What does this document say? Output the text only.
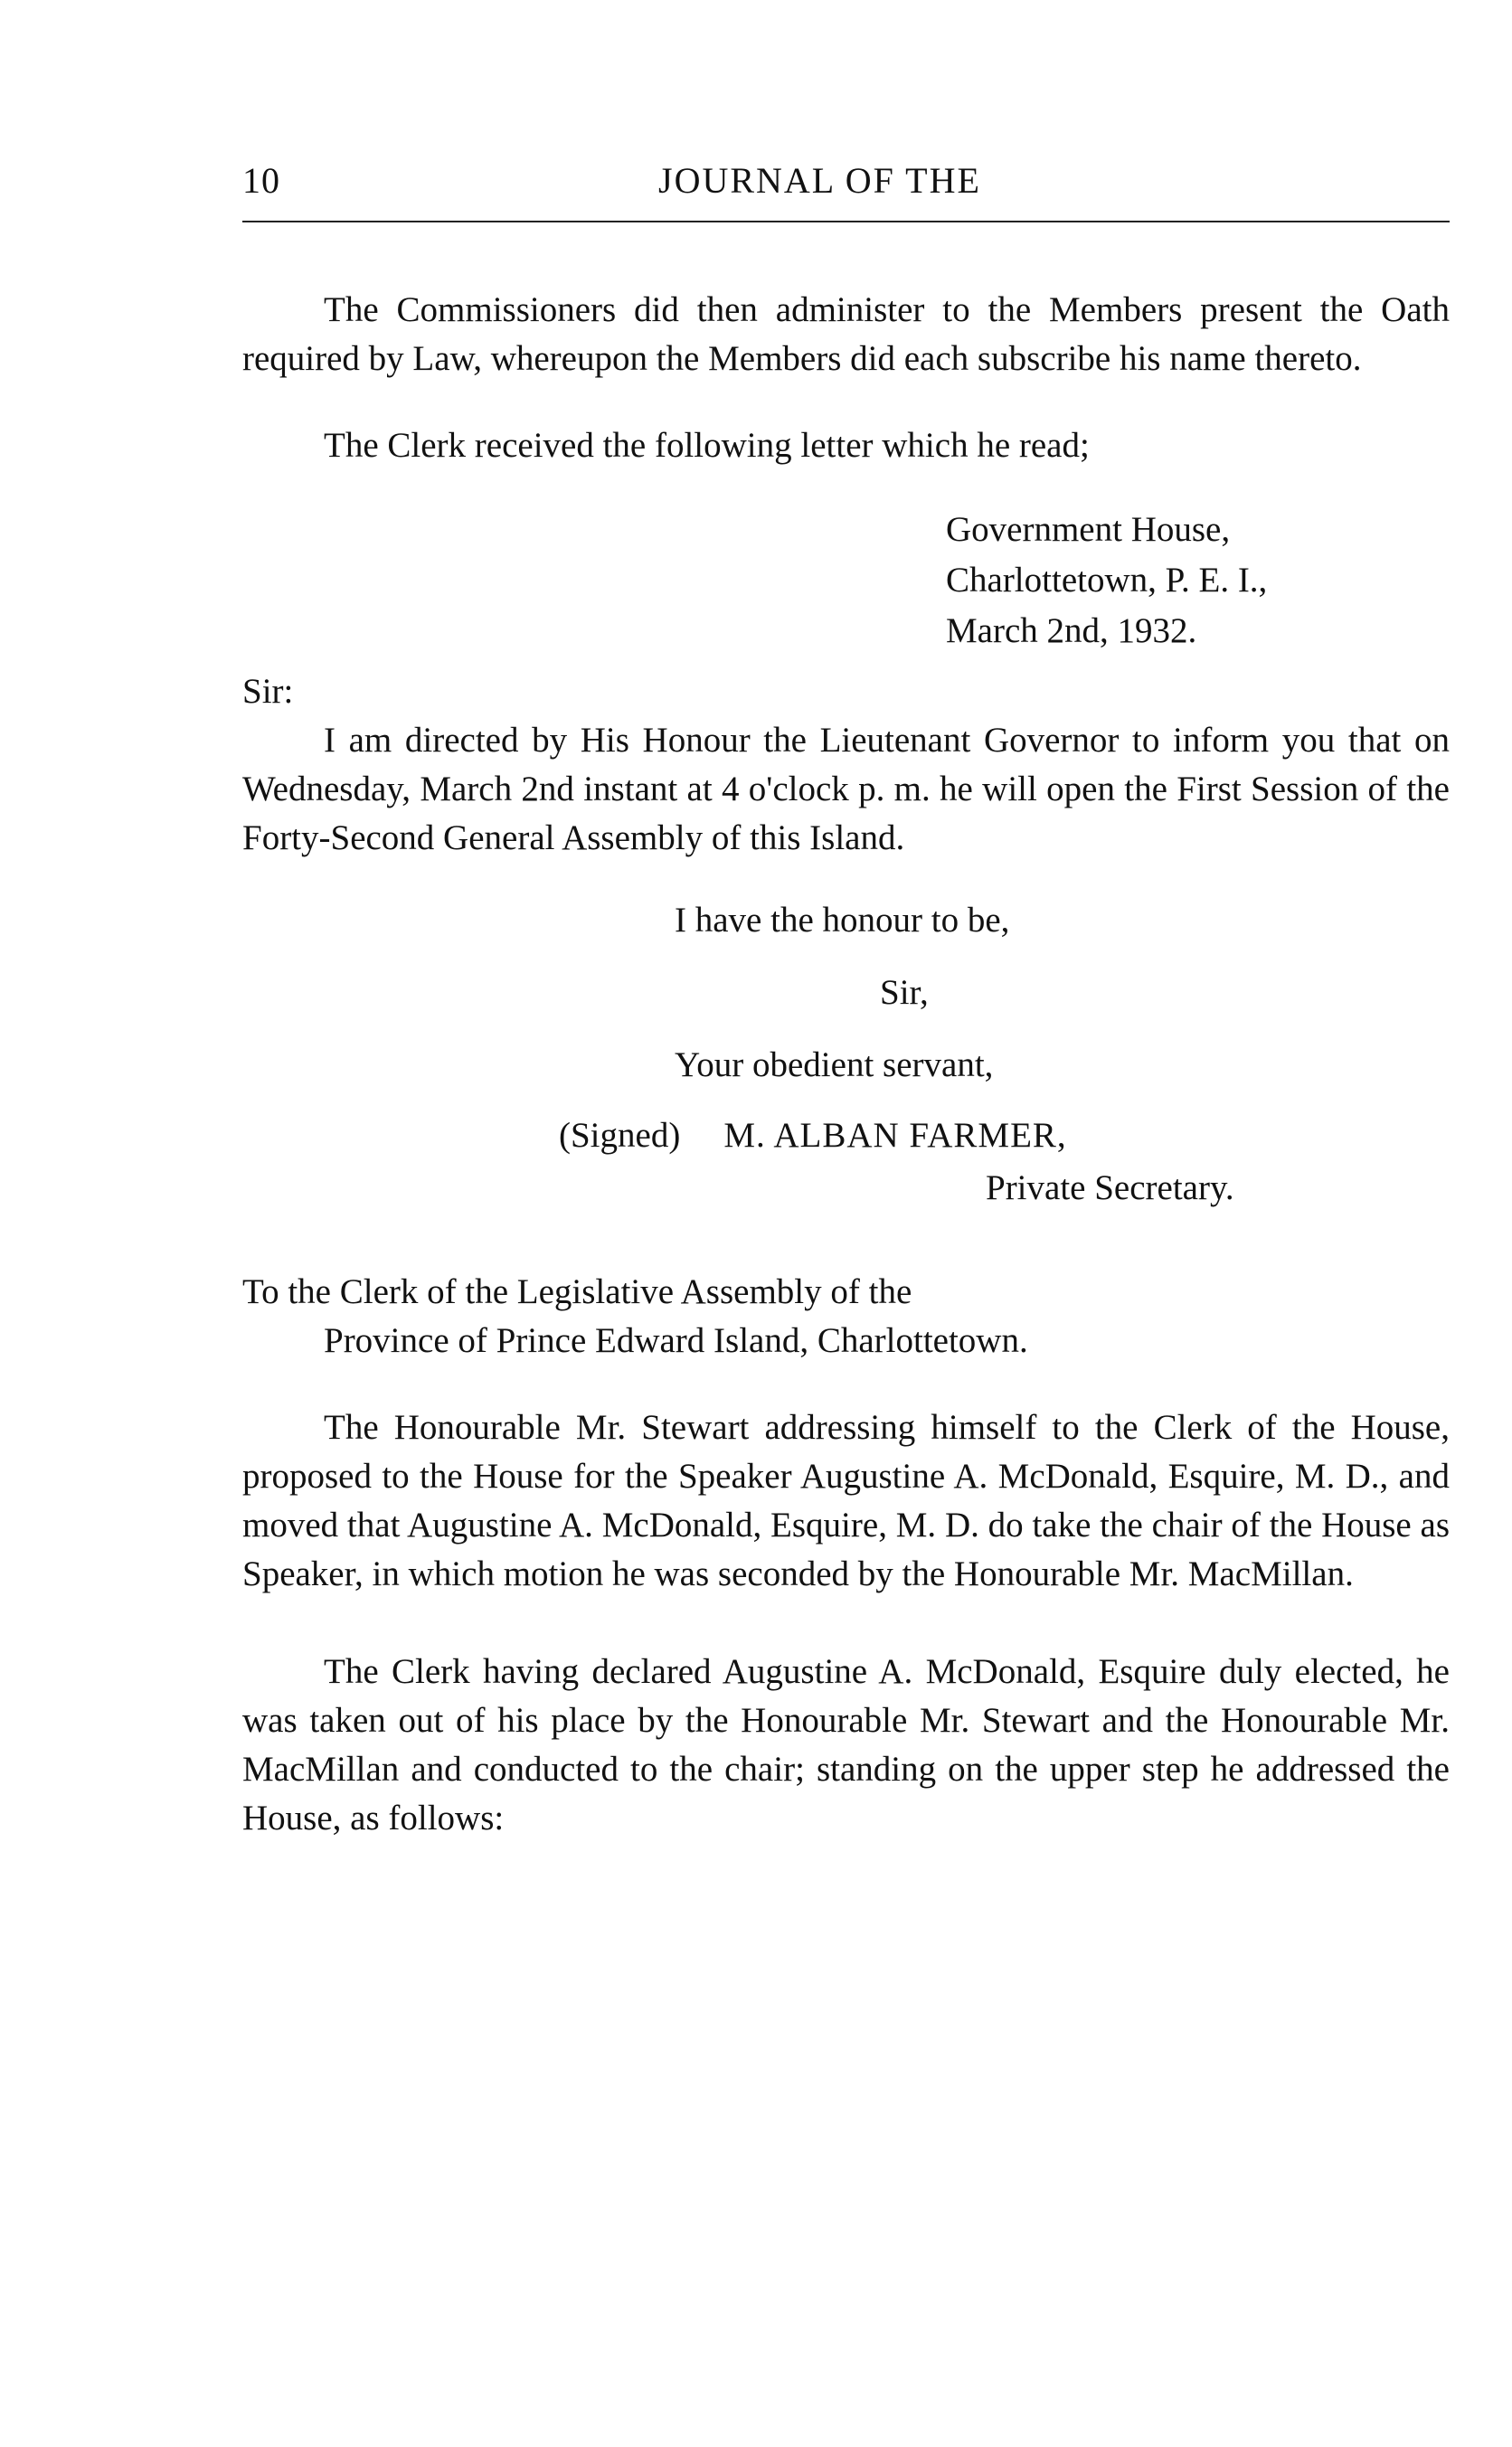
10	JOURNAL OF THE

The Commissioners did then administer to the Members present the Oath required by Law, whereupon the Members did each subscribe his name thereto.

The Clerk received the following letter which he read;

Government House,
Charlottetown, P. E. I.,
March 2nd, 1932.

Sir:

I am directed by His Honour the Lieutenant Governor to inform you that on Wednesday, March 2nd instant at 4 o'clock p. m. he will open the First Session of the Forty-Second General Assembly of this Island.

I have the honour to be,
Sir,
Your obedient servant,
(Signed) M. ALBAN FARMER,
Private Secretary.
To the Clerk of the Legislative Assembly of the
Province of Prince Edward Island, Charlottetown.

The Honourable Mr. Stewart addressing himself to the Clerk of the House, proposed to the House for the Speaker Augustine A. McDonald, Esquire, M. D., and moved that Augustine A. McDonald, Esquire, M. D. do take the chair of the House as Speaker, in which motion he was seconded by the Honourable Mr. MacMillan.

The Clerk having declared Augustine A. McDonald, Esquire duly elected, he was taken out of his place by the Honourable Mr. Stewart and the Honourable Mr. MacMillan and conducted to the chair; standing on the upper step he addressed the House, as follows:
